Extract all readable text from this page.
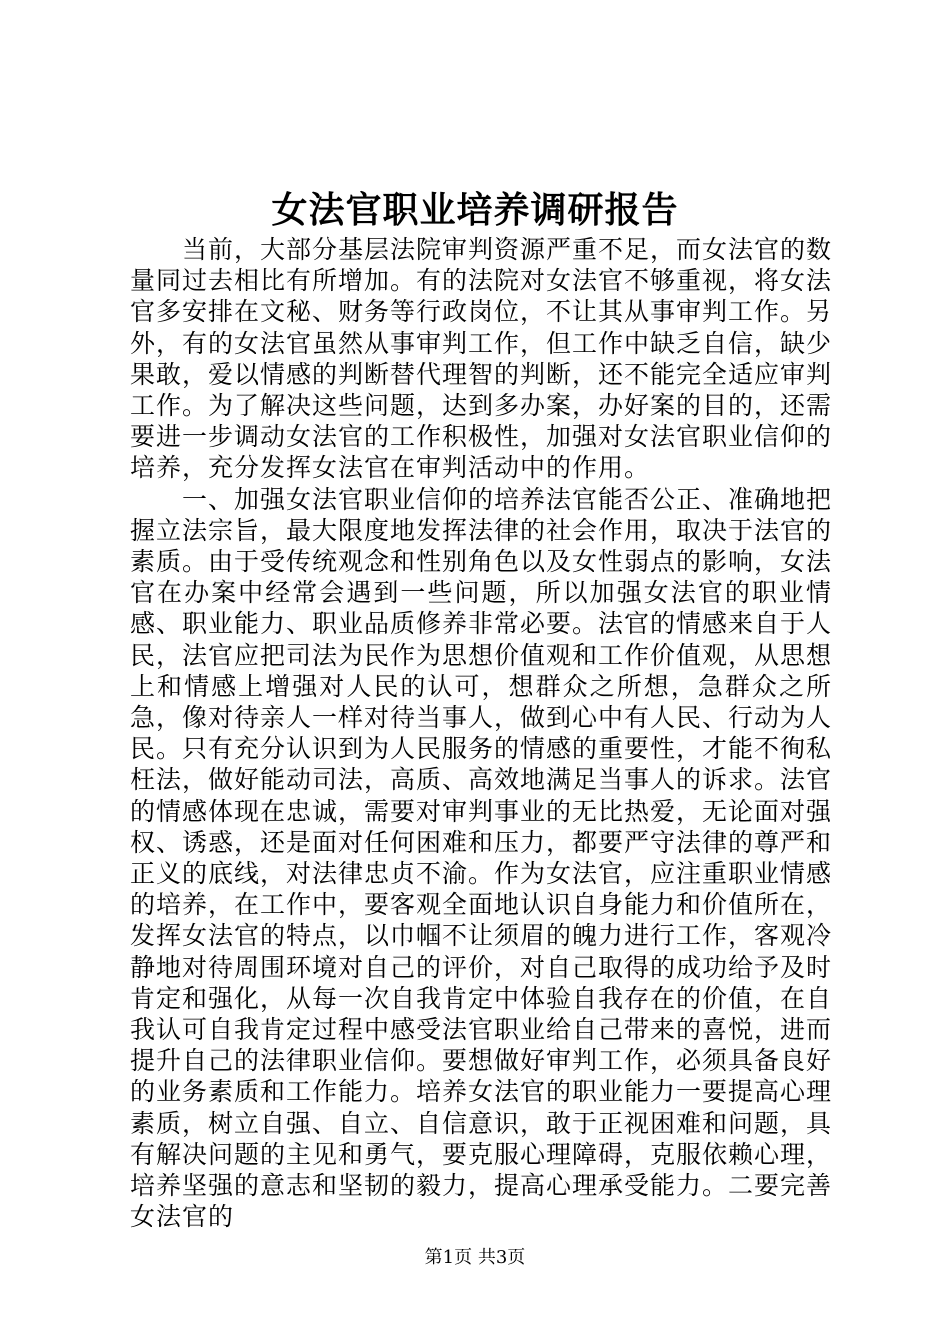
女法官职业培养调研报告

当前，大部分基层法院审判资源严重不足，而女法官的数量同过去相比有所增加。有的法院对女法官不够重视，将女法官多安排在文秘、财务等行政岗位，不让其从事审判工作。另外，有的女法官虽然从事审判工作，但工作中缺乏自信，缺少果敢，爱以情感的判断替代理智的判断，还不能完全适应审判工作。为了解决这些问题，达到多办案，办好案的目的，还需要进一步调动女法官的工作积极性，加强对女法官职业信仰的培养，充分发挥女法官在审判活动中的作用。

一、加强女法官职业信仰的培养法官能否公正、准确地把握立法宗旨，最大限度地发挥法律的社会作用，取决于法官的素质。由于受传统观念和性别角色以及女性弱点的影响，女法官在办案中经常会遇到一些问题，所以加强女法官的职业情感、职业能力、职业品质修养非常必要。法官的情感来自于人民，法官应把司法为民作为思想价值观和工作价值观，从思想上和情感上增强对人民的认可，想群众之所想，急群众之所急，像对待亲人一样对待当事人，做到心中有人民、行动为人民。只有充分认识到为人民服务的情感的重要性，才能不徇私枉法，做好能动司法，高质、高效地满足当事人的诉求。法官的情感体现在忠诚，需要对审判事业的无比热爱，无论面对强权、诱惑，还是面对任何困难和压力，都要严守法律的尊严和正义的底线，对法律忠贞不渝。作为女法官，应注重职业情感的培养，在工作中，要客观全面地认识自身能力和价值所在，发挥女法官的特点，以巾帼不让须眉的魄力进行工作，客观冷静地对待周围环境对自己的评价，对自己取得的成功给予及时肯定和强化，从每一次自我肯定中体验自我存在的价值，在自我认可自我肯定过程中感受法官职业给自己带来的喜悦，进而提升自己的法律职业信仰。要想做好审判工作，必须具备良好的业务素质和工作能力。培养女法官的职业能力一要提高心理素质，树立自强、自立、自信意识，敢于正视困难和问题，具有解决问题的主见和勇气，要克服心理障碍，克服依赖心理，培养坚强的意志和坚韧的毅力，提高心理承受能力。二要完善女法官的

第1页 共3页
